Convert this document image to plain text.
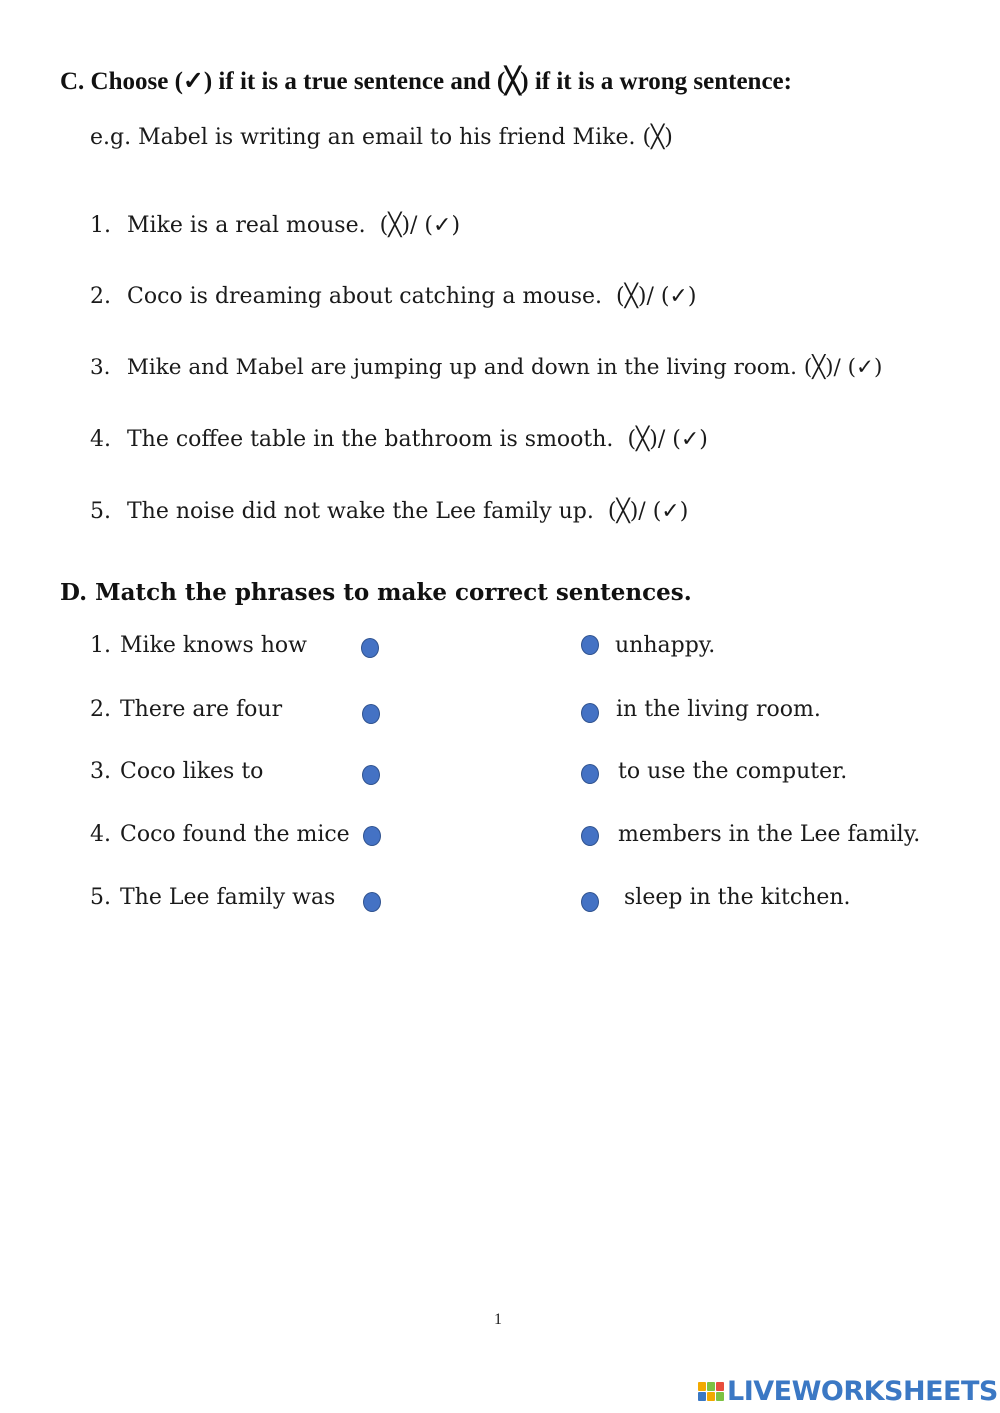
C. Choose (✓) if it is a true sentence and (╳) if it is a wrong sentence:
e.g. Mabel is writing an email to his friend Mike. (╳)
1. Mike is a real mouse. (╳)/ (✓)
2. Coco is dreaming about catching a mouse. (╳)/ (✓)
3. Mike and Mabel are jumping up and down in the living room. (╳)/ (✓)
4. The coffee table in the bathroom is smooth. (╳)/ (✓)
5. The noise did not wake the Lee family up. (╳)/ (✓)
D. Match the phrases to make correct sentences.
1. Mike knows how
2. There are four
3. Coco likes to
4. Coco found the mice
5. The Lee family was
unhappy.
in the living room.
to use the computer.
members in the Lee family.
sleep in the kitchen.
1
LIVEWORKSHEETS
